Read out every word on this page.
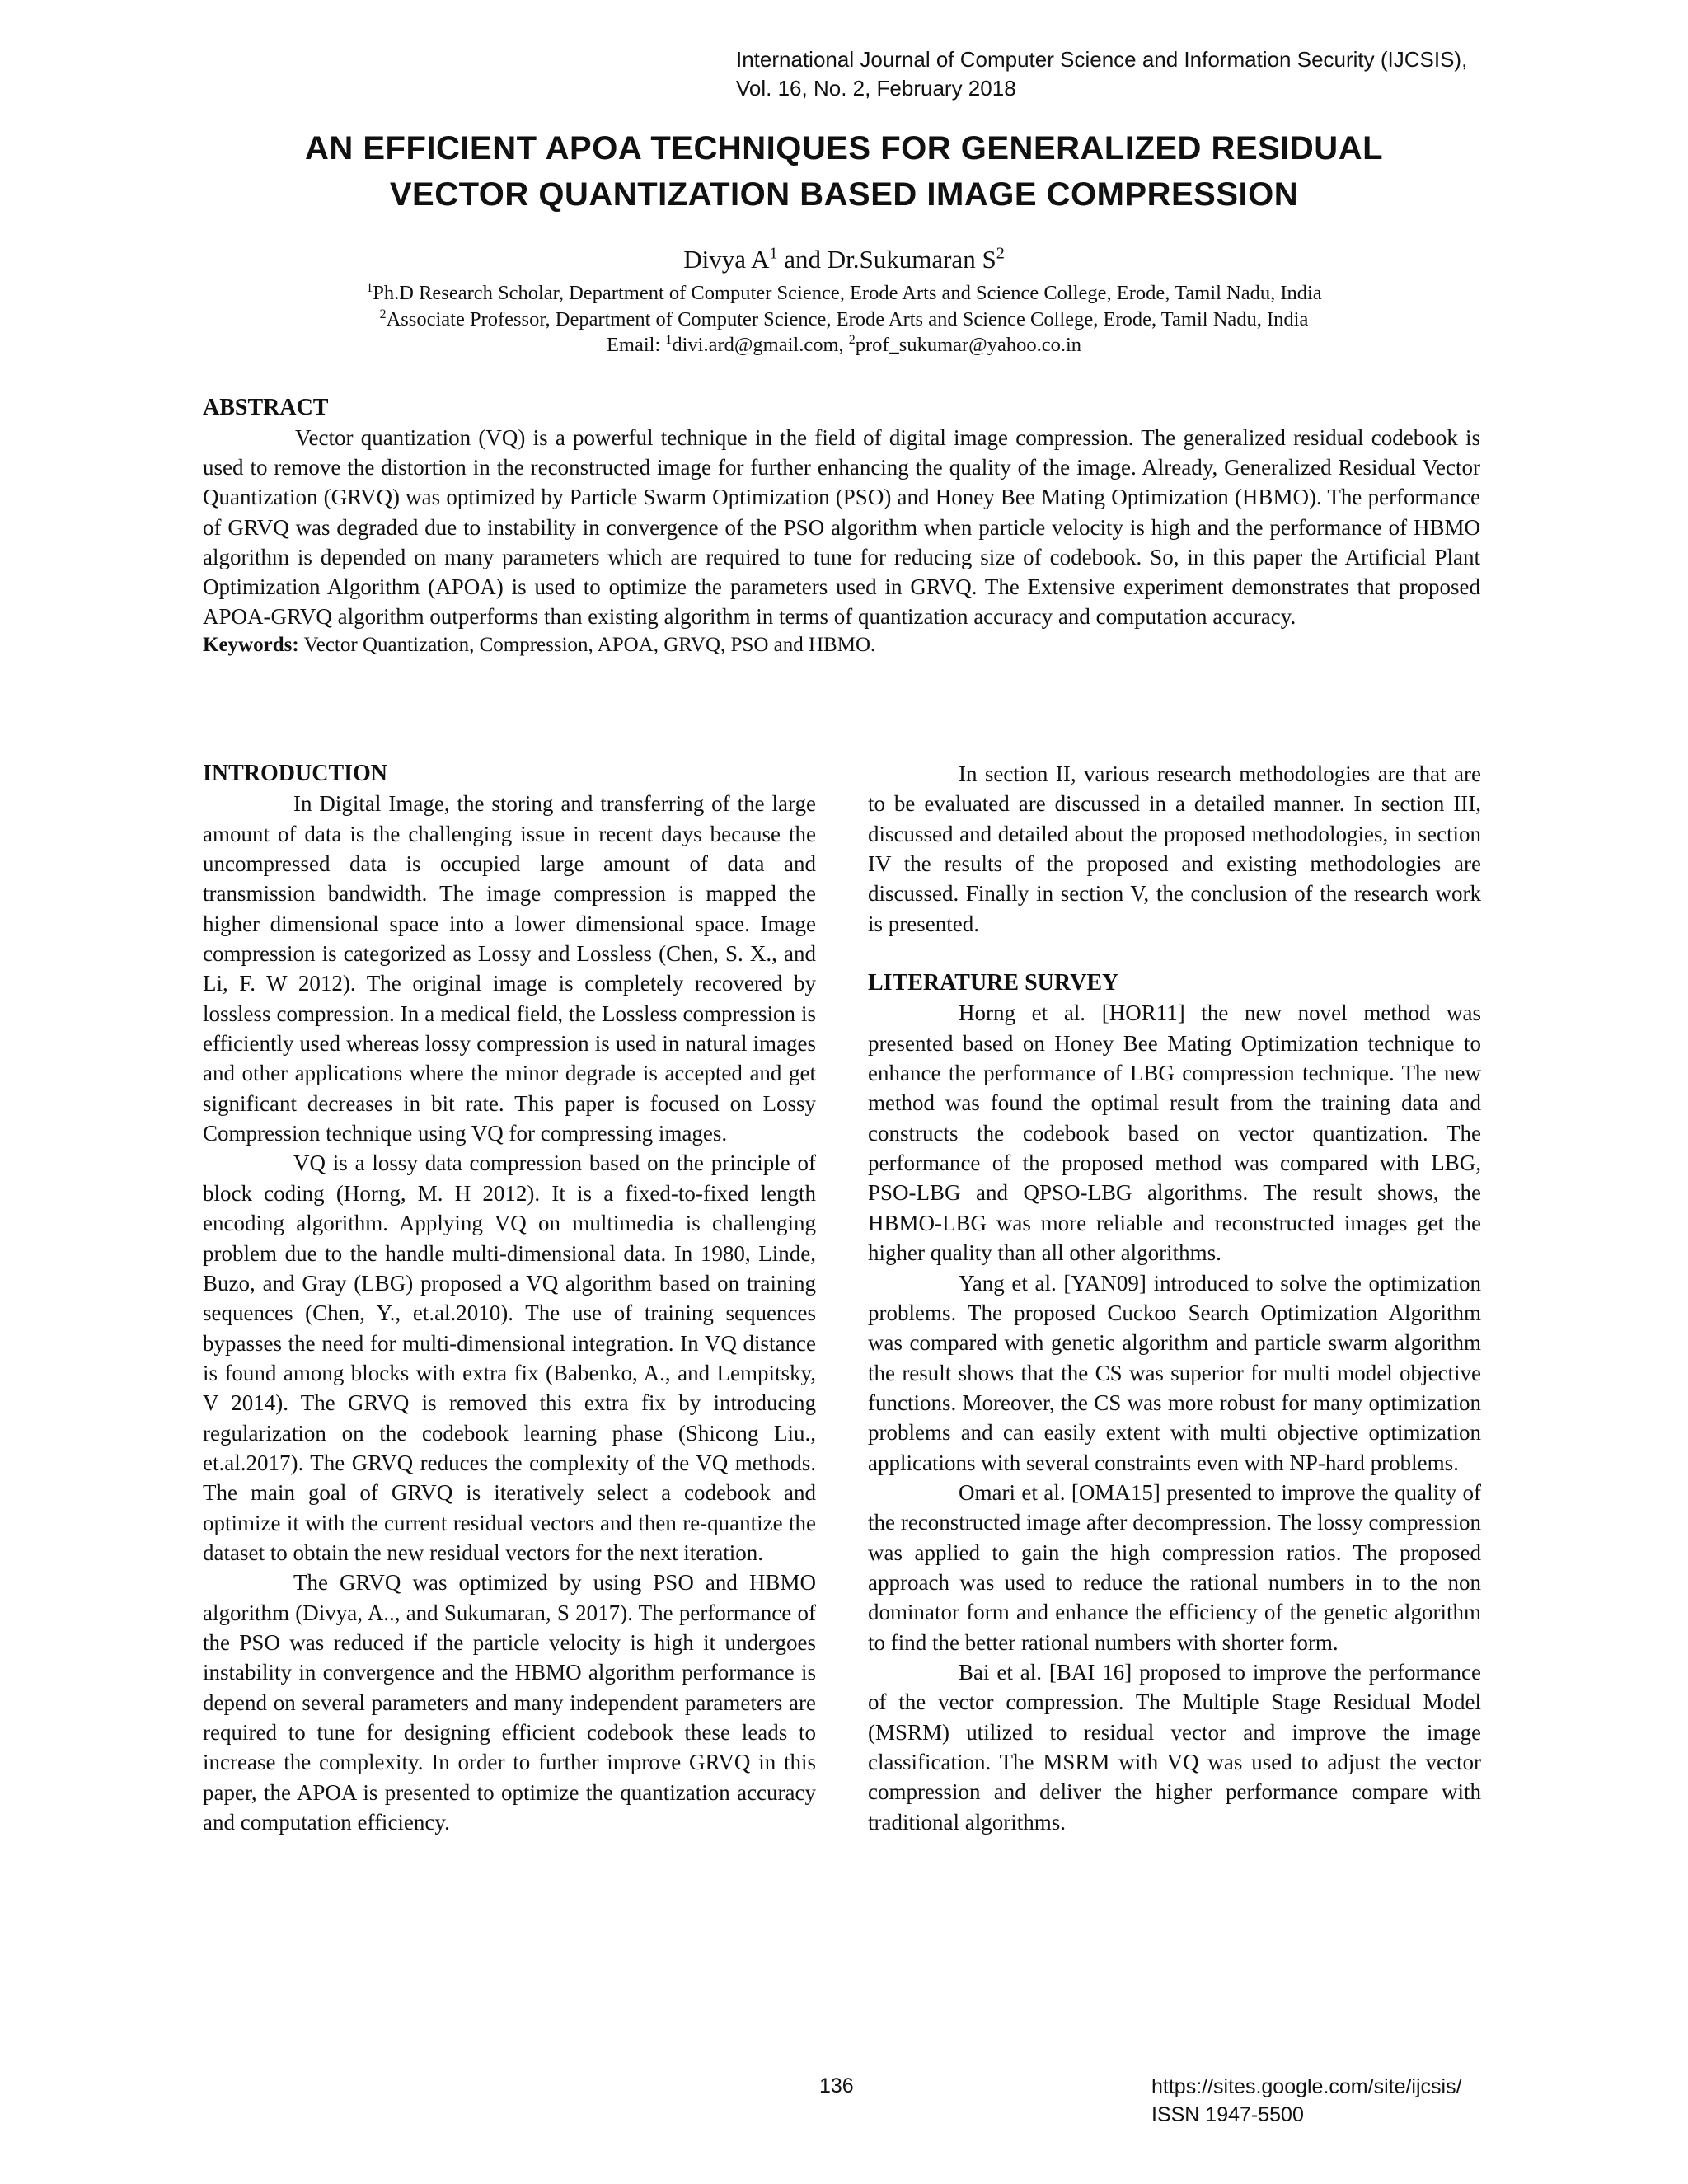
International Journal of Computer Science and Information Security (IJCSIS),
Vol. 16, No. 2, February 2018
AN EFFICIENT APOA TECHNIQUES FOR GENERALIZED RESIDUAL
VECTOR QUANTIZATION BASED IMAGE COMPRESSION
Divya $A^1$ and Dr.Sukumaran $S^2$
$^1$Ph.D Research Scholar, Department of Computer Science, Erode Arts and Science College, Erode, Tamil Nadu, India
$^2$Associate Professor, Department of Computer Science, Erode Arts and Science College, Erode, Tamil Nadu, India
Email: $^1$divi.ard@gmail.com, $^2$prof_sukumar@yahoo.co.in
ABSTRACT

Vector quantization (VQ) is a powerful technique in the field of digital image compression. The generalized residual codebook is used to remove the distortion in the reconstructed image for further enhancing the quality of the image. Already, Generalized Residual Vector Quantization (GRVQ) was optimized by Particle Swarm Optimization (PSO) and Honey Bee Mating Optimization (HBMO). The performance of GRVQ was degraded due to instability in convergence of the PSO algorithm when particle velocity is high and the performance of HBMO algorithm is depended on many parameters which are required to tune for reducing size of codebook. So, in this paper the Artificial Plant Optimization Algorithm (APOA) is used to optimize the parameters used in GRVQ. The Extensive experiment demonstrates that proposed APOA-GRVQ algorithm outperforms than existing algorithm in terms of quantization accuracy and computation accuracy.

Keywords: Vector Quantization, Compression, APOA, GRVQ, PSO and HBMO.
INTRODUCTION

In Digital Image, the storing and transferring of the large amount of data is the challenging issue in recent days because the uncompressed data is occupied large amount of data and transmission bandwidth. The image compression is mapped the higher dimensional space into a lower dimensional space. Image compression is categorized as Lossy and Lossless (Chen, S. X., and Li, F. W 2012). The original image is completely recovered by lossless compression. In a medical field, the Lossless compression is efficiently used whereas lossy compression is used in natural images and other applications where the minor degrade is accepted and get significant decreases in bit rate. This paper is focused on Lossy Compression technique using VQ for compressing images.

VQ is a lossy data compression based on the principle of block coding (Horng, M. H 2012). It is a fixed-to-fixed length encoding algorithm. Applying VQ on multimedia is challenging problem due to the handle multi-dimensional data. In 1980, Linde, Buzo, and Gray (LBG) proposed a VQ algorithm based on training sequences (Chen, Y., et.al.2010). The use of training sequences bypasses the need for multi-dimensional integration. In VQ distance is found among blocks with extra fix (Babenko, A., and Lempitsky, V 2014). The GRVQ is removed this extra fix by introducing regularization on the codebook learning phase (Shicong Liu., et.al.2017). The GRVQ reduces the complexity of the VQ methods. The main goal of GRVQ is iteratively select a codebook and optimize it with the current residual vectors and then re-quantize the dataset to obtain the new residual vectors for the next iteration.

The GRVQ was optimized by using PSO and HBMO algorithm (Divya, A.., and Sukumaran, S 2017). The performance of the PSO was reduced if the particle velocity is high it undergoes instability in convergence and the HBMO algorithm performance is depend on several parameters and many independent parameters are required to tune for designing efficient codebook these leads to increase the complexity. In order to further improve GRVQ in this paper, the APOA is presented to optimize the quantization accuracy and computation efficiency.

In section II, various research methodologies are that are to be evaluated are discussed in a detailed manner. In section III, discussed and detailed about the proposed methodologies, in section IV the results of the proposed and existing methodologies are discussed. Finally in section V, the conclusion of the research work is presented.

LITERATURE SURVEY

Horng et al. [HOR11] the new novel method was presented based on Honey Bee Mating Optimization technique to enhance the performance of LBG compression technique. The new method was found the optimal result from the training data and constructs the codebook based on vector quantization. The performance of the proposed method was compared with LBG, PSO-LBG and QPSO-LBG algorithms. The result shows, the HBMO-LBG was more reliable and reconstructed images get the higher quality than all other algorithms.

Yang et al. [YAN09] introduced to solve the optimization problems. The proposed Cuckoo Search Optimization Algorithm was compared with genetic algorithm and particle swarm algorithm the result shows that the CS was superior for multi model objective functions. Moreover, the CS was more robust for many optimization problems and can easily extent with multi objective optimization applications with several constraints even with NP-hard problems.

Omari et al. [OMA15] presented to improve the quality of the reconstructed image after decompression. The lossy compression was applied to gain the high compression ratios. The proposed approach was used to reduce the rational numbers in to the non dominator form and enhance the efficiency of the genetic algorithm to find the better rational numbers with shorter form.

Bai et al. [BAI 16] proposed to improve the performance of the vector compression. The Multiple Stage Residual Model (MSRM) utilized to residual vector and improve the image classification. The MSRM with VQ was used to adjust the vector compression and deliver the higher performance compare with traditional algorithms.

136	https://sites.google.com/site/ijcsis/
ISSN 1947-5500
